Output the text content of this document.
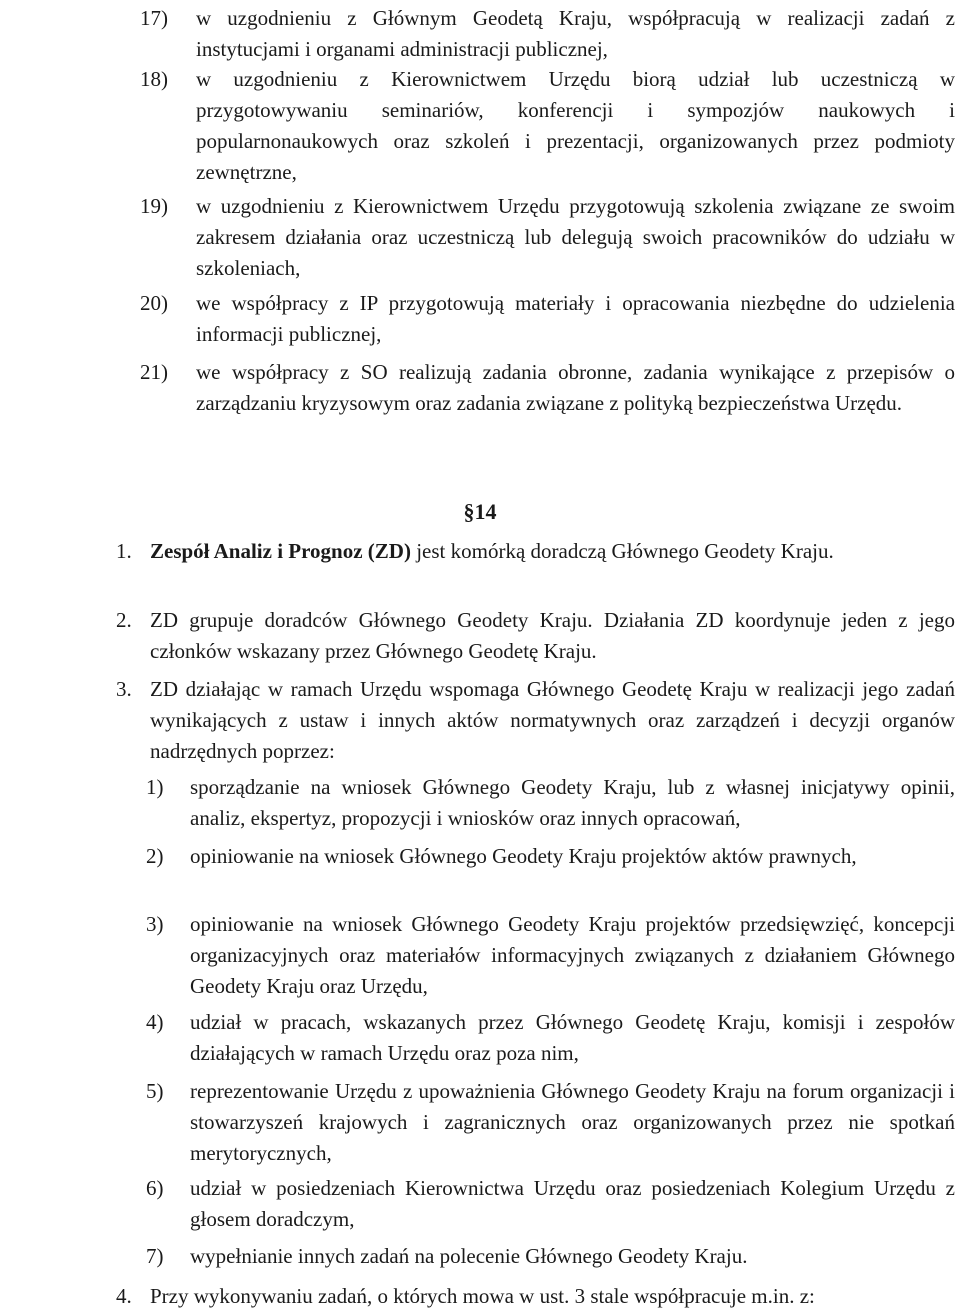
17)	w uzgodnieniu z Głównym Geodetą Kraju, współpracują w realizacji zadań z instytucjami i organami administracji publicznej,
18)	w uzgodnieniu z Kierownictwem Urzędu biorą udział lub uczestniczą w przygotowywaniu seminariów, konferencji i sympozjów naukowych i popularnonaukowych oraz szkoleń i prezentacji, organizowanych przez podmioty zewnętrzne,
19)	w uzgodnieniu z Kierownictwem Urzędu przygotowują szkolenia związane ze swoim zakresem działania oraz uczestniczą lub delegują swoich pracowników do udziału w szkoleniach,
20)	we współpracy z IP przygotowują materiały i opracowania niezbędne do udzielenia informacji publicznej,
21)	we współpracy z SO realizują zadania obronne, zadania wynikające z przepisów o zarządzaniu kryzysowym oraz zadania związane z polityką bezpieczeństwa Urzędu.
§14
1. Zespół Analiz i Prognoz (ZD) jest komórką doradczą Głównego Geodety Kraju.
2. ZD grupuje doradców Głównego Geodety Kraju. Działania ZD koordynuje jeden z jego członków wskazany przez Głównego Geodetę Kraju.
3. ZD działając w ramach Urzędu wspomaga Głównego Geodetę Kraju w realizacji jego zadań wynikających z ustaw i innych aktów normatywnych oraz zarządzeń i decyzji organów nadrzędnych poprzez:
1) sporządzanie na wniosek Głównego Geodety Kraju, lub z własnej inicjatywy opinii, analiz, ekspertyz, propozycji i wniosków oraz innych opracowań,
2) opiniowanie na wniosek Głównego Geodety Kraju projektów aktów prawnych,
3) opiniowanie na wniosek Głównego Geodety Kraju projektów przedsięwzięć, koncepcji organizacyjnych oraz materiałów informacyjnych związanych z działaniem Głównego Geodety Kraju oraz Urzędu,
4) udział w pracach, wskazanych przez Głównego Geodetę Kraju, komisji i zespołów działających w ramach Urzędu oraz poza nim,
5) reprezentowanie Urzędu z upoważnienia Głównego Geodety Kraju na forum organizacji i stowarzyszeń krajowych i zagranicznych oraz organizowanych przez nie spotkań merytorycznych,
6) udział w posiedzeniach Kierownictwa Urzędu oraz posiedzeniach Kolegium Urzędu z głosem doradczym,
7) wypełnianie innych zadań na polecenie Głównego Geodety Kraju.
4. Przy wykonywaniu zadań, o których mowa w ust. 3 stale współpracuje m.in. z:
